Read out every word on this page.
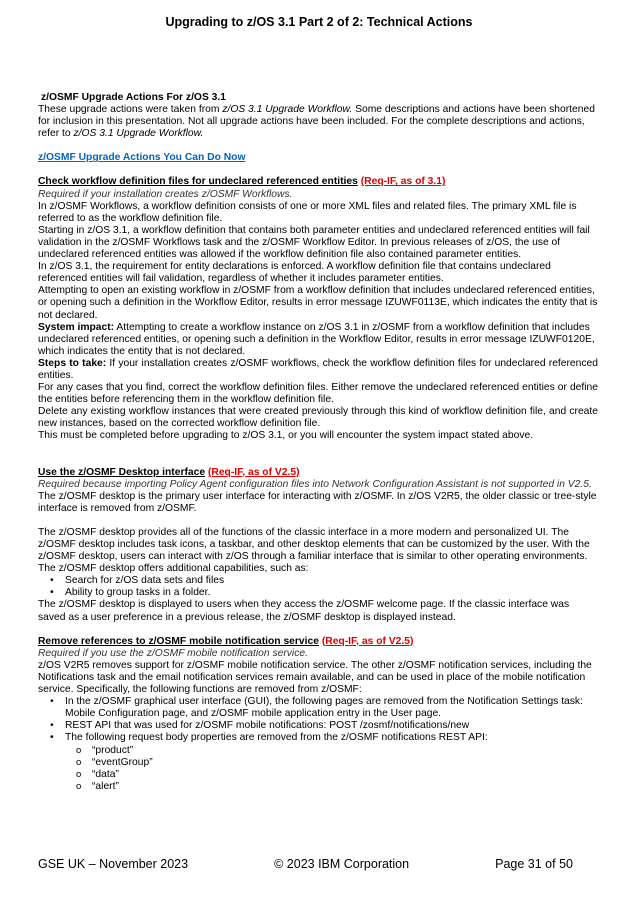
Upgrading to z/OS 3.1 Part 2 of 2: Technical Actions

z/OSMF Upgrade Actions For z/OS 3.1

These upgrade actions were taken from z/OS 3.1 Upgrade Workflow. Some descriptions and actions have been shortened for inclusion in this presentation. Not all upgrade actions have been included. For the complete descriptions and actions, refer to z/OS 3.1 Upgrade Workflow.

z/OSMF Upgrade Actions You Can Do Now

Check workflow definition files for undeclared referenced entities (Req-IF, as of 3.1)

Required if your installation creates z/OSMF Workflows.

In z/OSMF Workflows, a workflow definition consists of one or more XML files and related files. The primary XML file is referred to as the workflow definition file.

Starting in z/OS 3.1, a workflow definition that contains both parameter entities and undeclared referenced entities will fail validation in the z/OSMF Workflows task and the z/OSMF Workflow Editor. In previous releases of z/OS, the use of undeclared referenced entities was allowed if the workflow definition file also contained parameter entities.

In z/OS 3.1, the requirement for entity declarations is enforced. A workflow definition file that contains undeclared referenced entities will fail validation, regardless of whether it includes parameter entities.

Attempting to open an existing workflow in z/OSMF from a workflow definition that includes undeclared referenced entities, or opening such a definition in the Workflow Editor, results in error message IZUWF0113E, which indicates the entity that is not declared.

System impact: Attempting to create a workflow instance on z/OS 3.1 in z/OSMF from a workflow definition that includes undeclared referenced entities, or opening such a definition in the Workflow Editor, results in error message IZUWF0120E, which indicates the entity that is not declared.

Steps to take: If your installation creates z/OSMF workflows, check the workflow definition files for undeclared referenced entities.

For any cases that you find, correct the workflow definition files. Either remove the undeclared referenced entities or define the entities before referencing them in the workflow definition file.

Delete any existing workflow instances that were created previously through this kind of workflow definition file, and create new instances, based on the corrected workflow definition file.

This must be completed before upgrading to z/OS 3.1, or you will encounter the system impact stated above.

Use the z/OSMF Desktop interface (Req-IF, as of V2.5)

Required because importing Policy Agent configuration files into Network Configuration Assistant is not supported in V2.5.

The z/OSMF desktop is the primary user interface for interacting with z/OSMF. In z/OS V2R5, the older classic or tree-style interface is removed from z/OSMF.

The z/OSMF desktop provides all of the functions of the classic interface in a more modern and personalized UI. The z/OSMF desktop includes task icons, a taskbar, and other desktop elements that can be customized by the user. With the z/OSMF desktop, users can interact with z/OS through a familiar interface that is similar to other operating environments. The z/OSMF desktop offers additional capabilities, such as:

• Search for z/OS data sets and files
• Ability to group tasks in a folder.

The z/OSMF desktop is displayed to users when they access the z/OSMF welcome page. If the classic interface was saved as a user preference in a previous release, the z/OSMF desktop is displayed instead.

Remove references to z/OSMF mobile notification service (Req-IF, as of V2.5)

Required if you use the z/OSMF mobile notification service.

z/OS V2R5 removes support for z/OSMF mobile notification service. The other z/OSMF notification services, including the Notifications task and the email notification services remain available, and can be used in place of the mobile notification service. Specifically, the following functions are removed from z/OSMF:

• In the z/OSMF graphical user interface (GUI), the following pages are removed from the Notification Settings task: Mobile Configuration page, and z/OSMF mobile application entry in the User page.
• REST API that was used for z/OSMF mobile notifications: POST /zosmf/notifications/new
• The following request body properties are removed from the z/OSMF notifications REST API:
o “product”
o “eventGroup”
o “data”
o “alert”
GSE UK – November 2023	© 2023 IBM Corporation	Page 31 of 50
